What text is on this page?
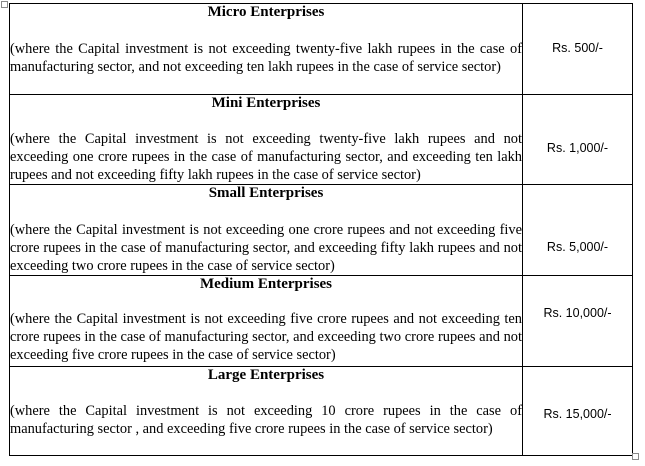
Micro Enterprises

(where the Capital investment is not exceeding twenty-five lakh rupees in the case of manufacturing sector, and not exceeding ten lakh rupees in the case of service sector)	Rs. 500/-

Mini Enterprises

(where the Capital investment is not exceeding twenty-five lakh rupees and not exceeding one crore rupees in the case of manufacturing sector, and exceeding ten lakh rupees and not exceeding fifty lakh rupees in the case of service sector)	Rs. 1,000/-

Small Enterprises

(where the Capital investment is not exceeding one crore rupees and not exceeding five crore rupees in the case of manufacturing sector, and exceeding fifty lakh rupees and not exceeding two crore rupees in the case of service sector)	Rs. 5,000/-

Medium Enterprises

(where the Capital investment is not exceeding five crore rupees and not exceeding ten crore rupees in the case of manufacturing sector, and exceeding two crore rupees and not exceeding five crore rupees in the case of service sector)	Rs. 10,000/-

Large Enterprises

(where the Capital investment is not exceeding 10 crore rupees in the case of manufacturing sector , and exceeding five crore rupees in the case of service sector)	Rs. 15,000/-
